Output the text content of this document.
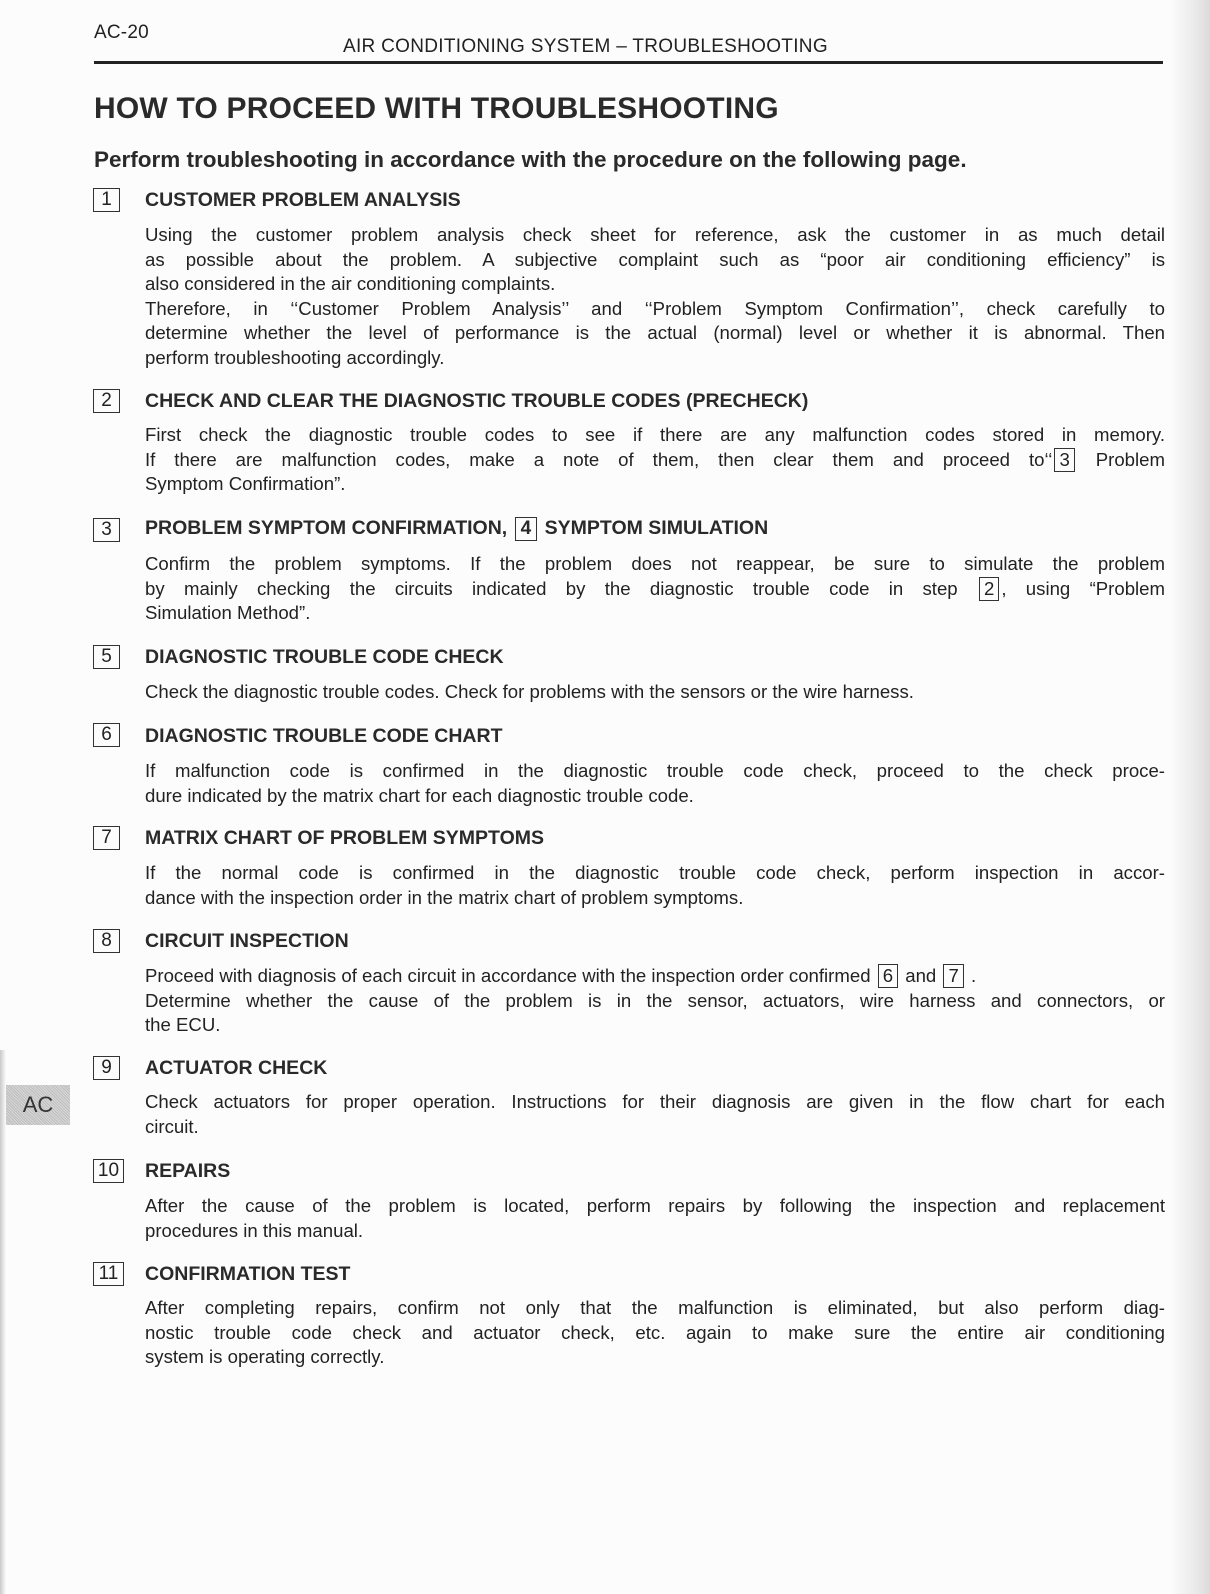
AC-20
AIR CONDITIONING SYSTEM – TROUBLESHOOTING
HOW TO PROCEED WITH TROUBLESHOOTING
Perform troubleshooting in accordance with the procedure on the following page.
1	CUSTOMER PROBLEM ANALYSIS
Using the customer problem analysis check sheet for reference, ask the customer in as much detail
as possible about the problem. A subjective complaint such as “poor air conditioning efficiency” is
also considered in the air conditioning complaints.
Therefore, in ‘‘Customer Problem Analysis’’ and ‘‘Problem Symptom Confirmation’’, check carefully to
determine whether the level of performance is the actual (normal) level or whether it is abnormal. Then
perform troubleshooting accordingly.
2	CHECK AND CLEAR THE DIAGNOSTIC TROUBLE CODES (PRECHECK)
First check the diagnostic trouble codes to see if there are any malfunction codes stored in memory.
If there are malfunction codes, make a note of them, then clear them and proceed to‘‘ 3 Problem
Symptom Confirmation”.
3	PROBLEM SYMPTOM CONFIRMATION, 4 SYMPTOM SIMULATION
Confirm the problem symptoms. If the problem does not reappear, be sure to simulate the problem
by mainly checking the circuits indicated by the diagnostic trouble code in step 2 , using “Problem
Simulation Method”.
5	DIAGNOSTIC TROUBLE CODE CHECK
Check the diagnostic trouble codes. Check for problems with the sensors or the wire harness.
6	DIAGNOSTIC TROUBLE CODE CHART
If malfunction code is confirmed in the diagnostic trouble code check, proceed to the check proce-
dure indicated by the matrix chart for each diagnostic trouble code.
7	MATRIX CHART OF PROBLEM SYMPTOMS
If the normal code is confirmed in the diagnostic trouble code check, perform inspection in accor-
dance with the inspection order in the matrix chart of problem symptoms.
8	CIRCUIT INSPECTION
Proceed with diagnosis of each circuit in accordance with the inspection order confirmed 6 and 7 .
Determine whether the cause of the problem is in the sensor, actuators, wire harness and connectors, or
the ECU.
9	ACTUATOR CHECK
Check actuators for proper operation. Instructions for their diagnosis are given in the flow chart for each
circuit.
AC
10 REPAIRS
After the cause of the problem is located, perform repairs by following the inspection and replacement
procedures in this manual.
11 CONFIRMATION TEST
After completing repairs, confirm not only that the malfunction is eliminated, but also perform diag-
nostic trouble code check and actuator check, etc. again to make sure the entire air conditioning
system is operating correctly.
